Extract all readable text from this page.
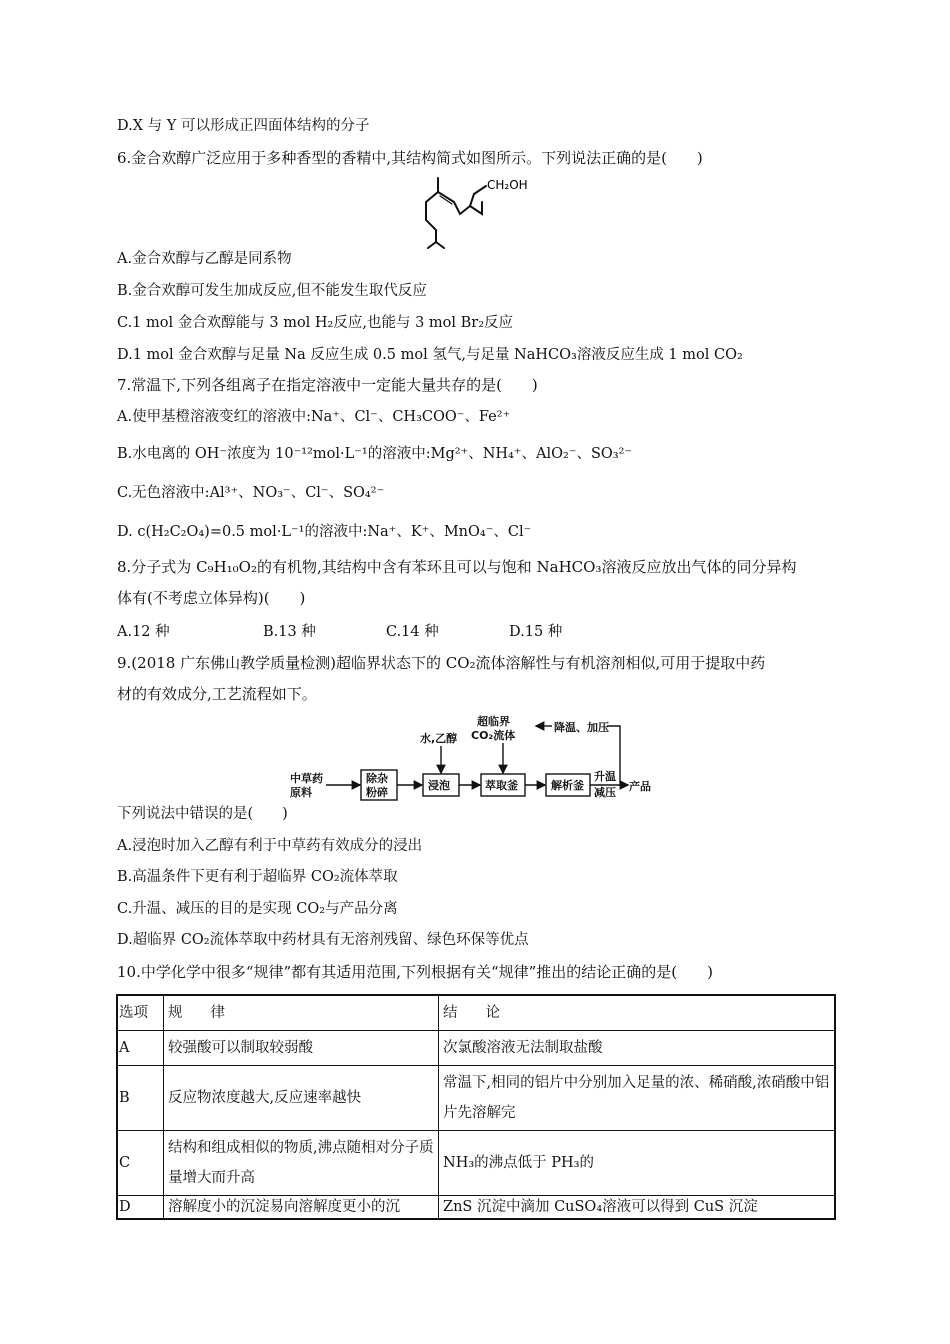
D.X 与 Y 可以形成正四面体结构的分子
6.金合欢醇广泛应用于多种香型的香精中,其结构简式如图所示。下列说法正确的是(　　)
CH₂OH
A.金合欢醇与乙醇是同系物
B.金合欢醇可发生加成反应,但不能发生取代反应
C.1 mol 金合欢醇能与 3 mol H₂反应,也能与 3 mol Br₂反应
D.1 mol 金合欢醇与足量 Na 反应生成 0.5 mol 氢气,与足量 NaHCO₃溶液反应生成 1 mol CO₂
7.常温下,下列各组离子在指定溶液中一定能大量共存的是(　　)
A.使甲基橙溶液变红的溶液中:Na⁺、Cl⁻、CH₃COO⁻、Fe²⁺
B.水电离的 OH⁻浓度为 10⁻¹²mol·L⁻¹的溶液中:Mg²⁺、NH₄⁺、AlO₂⁻、SO₃²⁻
C.无色溶液中:Al³⁺、NO₃⁻、Cl⁻、SO₄²⁻
D. c(H₂C₂O₄)=0.5 mol·L⁻¹的溶液中:Na⁺、K⁺、MnO₄⁻、Cl⁻
8.分子式为 C₉H₁₀O₂的有机物,其结构中含有苯环且可以与饱和 NaHCO₃溶液反应放出气体的同分异构
体有(不考虑立体异构)(　　)
A.12 种	B.13 种	C.14 种	D.15 种
9.(2018 广东佛山教学质量检测)超临界状态下的 CO₂流体溶解性与有机溶剂相似,可用于提取中药
材的有效成分,工艺流程如下。
中草药
原料
除杂
粉碎
浸泡	萃取釜	解析釜
水,乙醇
超临界
CO₂流体
降温、加压
升温
减压 产品
下列说法中错误的是(　　)
A.浸泡时加入乙醇有利于中草药有效成分的浸出
B.高温条件下更有利于超临界 CO₂流体萃取
C.升温、减压的目的是实现 CO₂与产品分离
D.超临界 CO₂流体萃取中药材具有无溶剂残留、绿色环保等优点
10.中学化学中很多“规律”都有其适用范围,下列根据有关“规律”推出的结论正确的是(　　)
选项	规律	结论
A	较强酸可以制取较弱酸	次氯酸溶液无法制取盐酸
B	反应物浓度越大,反应速率越快	常温下,相同的铝片中分别加入足量的浓、稀硝酸,浓硝酸中铝片先溶解完
C	结构和组成相似的物质,沸点随相对分子质量增大而升高	NH₃的沸点低于 PH₃的
D	溶解度小的沉淀易向溶解度更小的沉	ZnS 沉淀中滴加 CuSO₄溶液可以得到 CuS 沉淀
